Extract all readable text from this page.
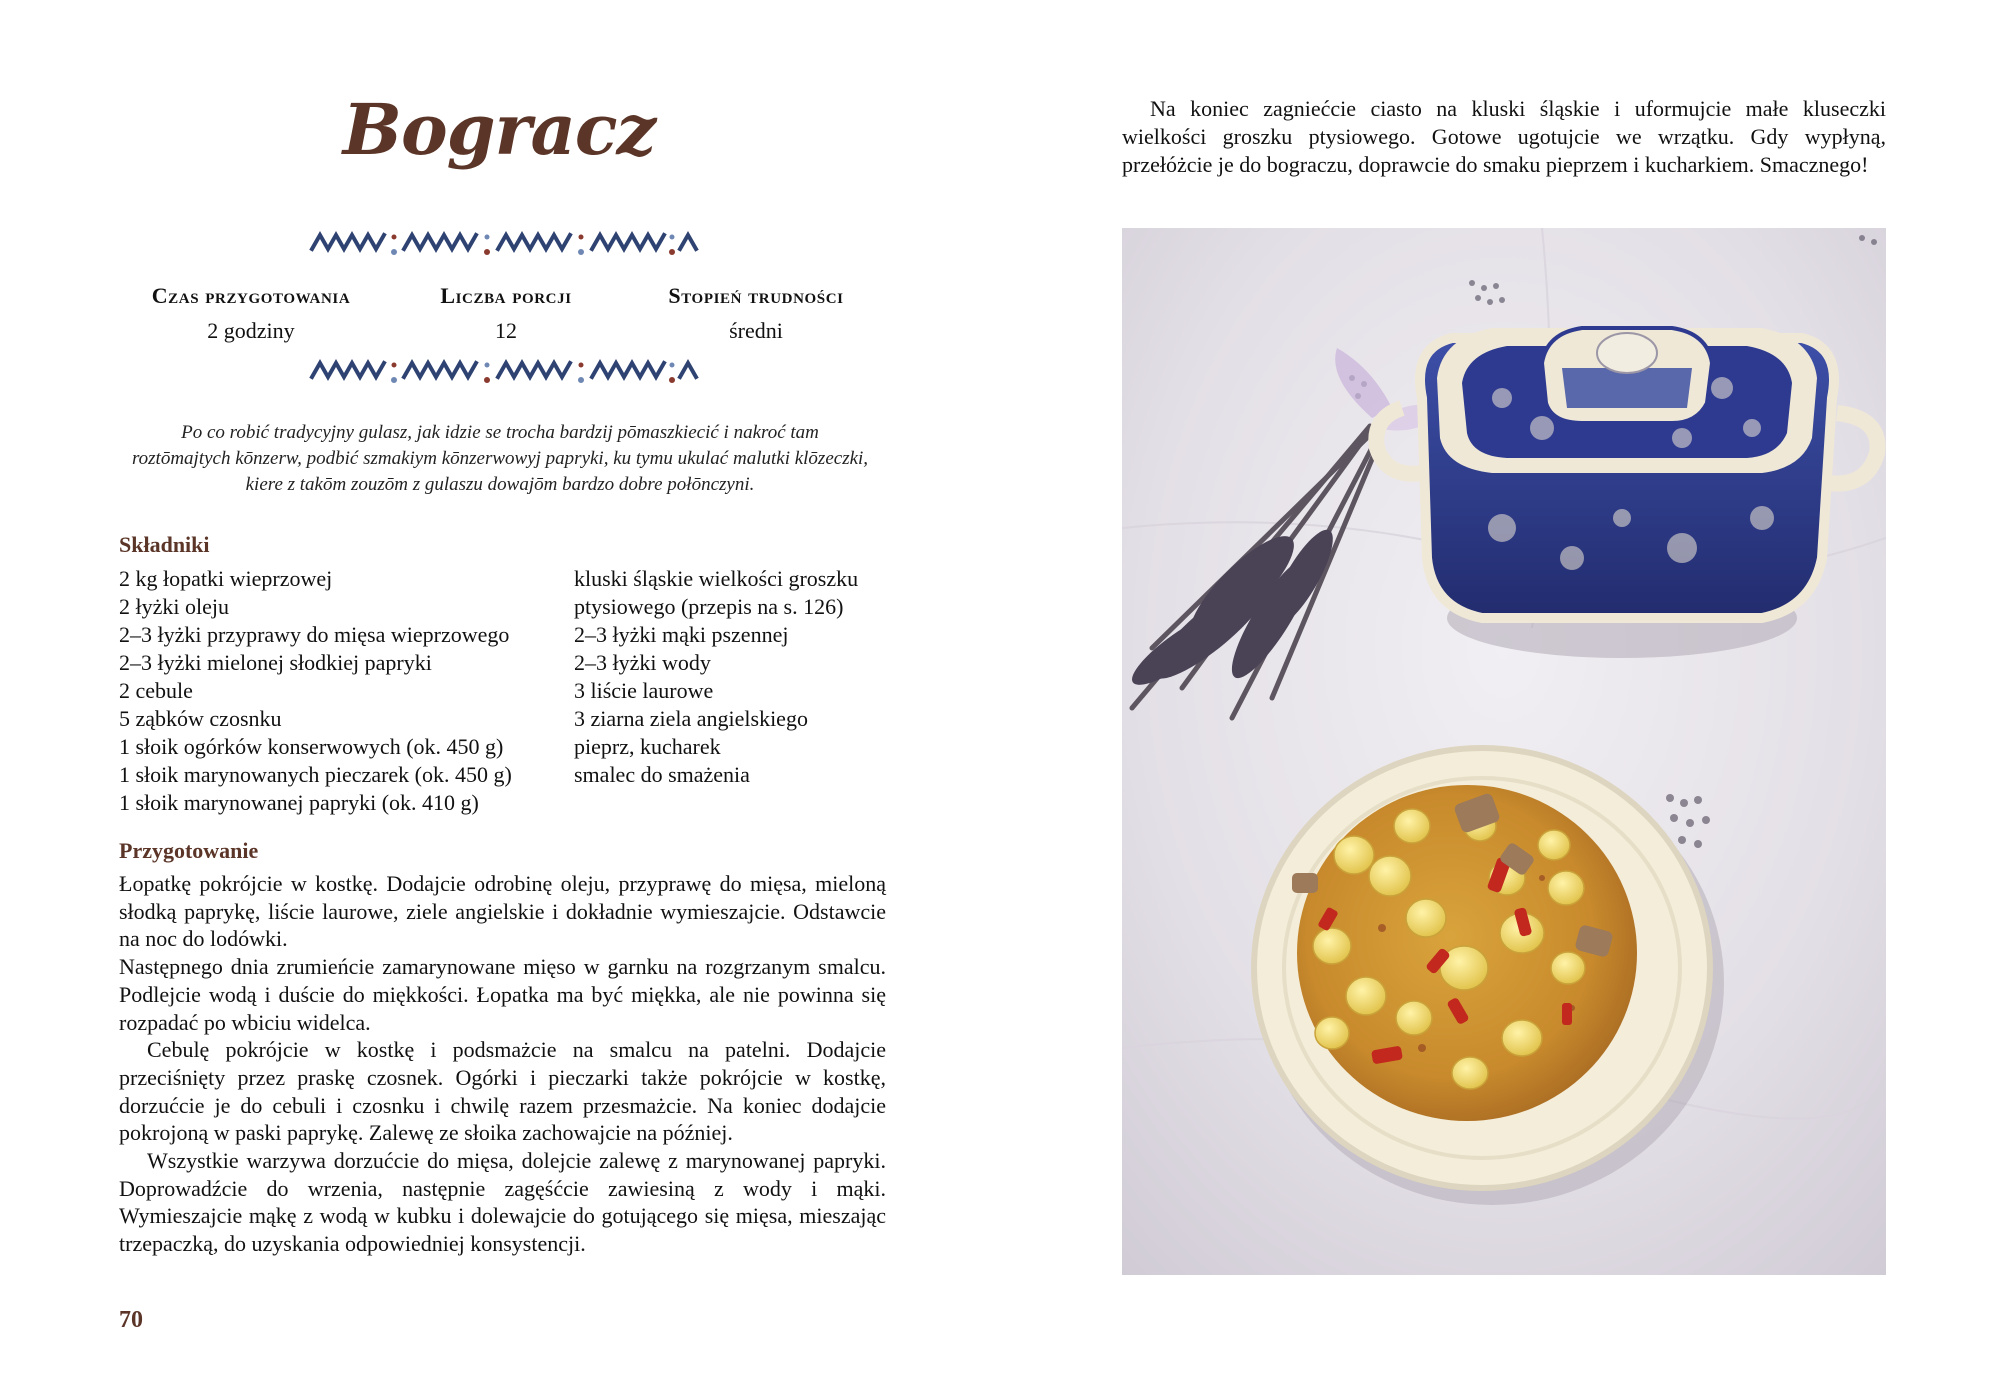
Bogracz
Czas przygotowania
2 godziny
Liczba porcji
12
Stopień trudności
średni

Po co robić tradycyjny gulasz, jak idzie se trocha bardzij pōmaszkiecić i nakroć tam roztōmajtych kōnzerw, podbić szmakiym kōnzerwowyj papryki, ku tymu ukulać malutki klōzeczki, kiere z takōm zouzōm z gulaszu dowajōm bardzo dobre połōnczyni.

Składniki
2 kg łopatki wieprzowej
2 łyżki oleju
2–3 łyżki przyprawy do mięsa wieprzowego
2–3 łyżki mielonej słodkiej papryki
2 cebule
5 ząbków czosnku
1 słoik ogórków konserwowych (ok. 450 g)
1 słoik marynowanych pieczarek (ok. 450 g)
1 słoik marynowanej papryki (ok. 410 g)
kluski śląskie wielkości groszku
ptysiowego (przepis na s. 126)
2–3 łyżki mąki pszennej
2–3 łyżki wody
3 liście laurowe
3 ziarna ziela angielskiego
pieprz, kucharek
smalec do smażenia
Przygotowanie

Łopatkę pokrójcie w kostkę. Dodajcie odrobinę oleju, przyprawę do mięsa, mieloną słodką paprykę, liście laurowe, ziele angielskie i dokładnie wymieszajcie. Odstawcie na noc do lodówki.

Następnego dnia zrumieńcie zamarynowane mięso w garnku na rozgrzanym smalcu. Podlejcie wodą i duście do miękkości. Łopatka ma być miękka, ale nie powinna się rozpadać po wbiciu widelca.

Cebulę pokrójcie w kostkę i podsmażcie na smalcu na patelni. Dodajcie przeciśnięty przez praskę czosnek. Ogórki i pieczarki także pokrójcie w kostkę, dorzućcie je do cebuli i czosnku i chwilę razem przesmażcie. Na koniec dodajcie pokrojoną w paski paprykę. Zalewę ze słoika zachowajcie na później.

Wszystkie warzywa dorzućcie do mięsa, dolejcie zalewę z marynowanej papryki. Doprowadźcie do wrzenia, następnie zagęśćcie zawiesiną z wody i mąki. Wymieszajcie mąkę z wodą w kubku i dolewajcie do gotującego się mięsa, mieszając trzepaczką, do uzyskania odpowiedniej konsystencji.

70

Na koniec zagniećcie ciasto na kluski śląskie i uformujcie małe kluseczki wielkości groszku ptysiowego. Gotowe ugotujcie we wrzątku. Gdy wypłyną, przełóżcie je do bograczu, doprawcie do smaku pieprzem i kucharkiem. Smacznego!
